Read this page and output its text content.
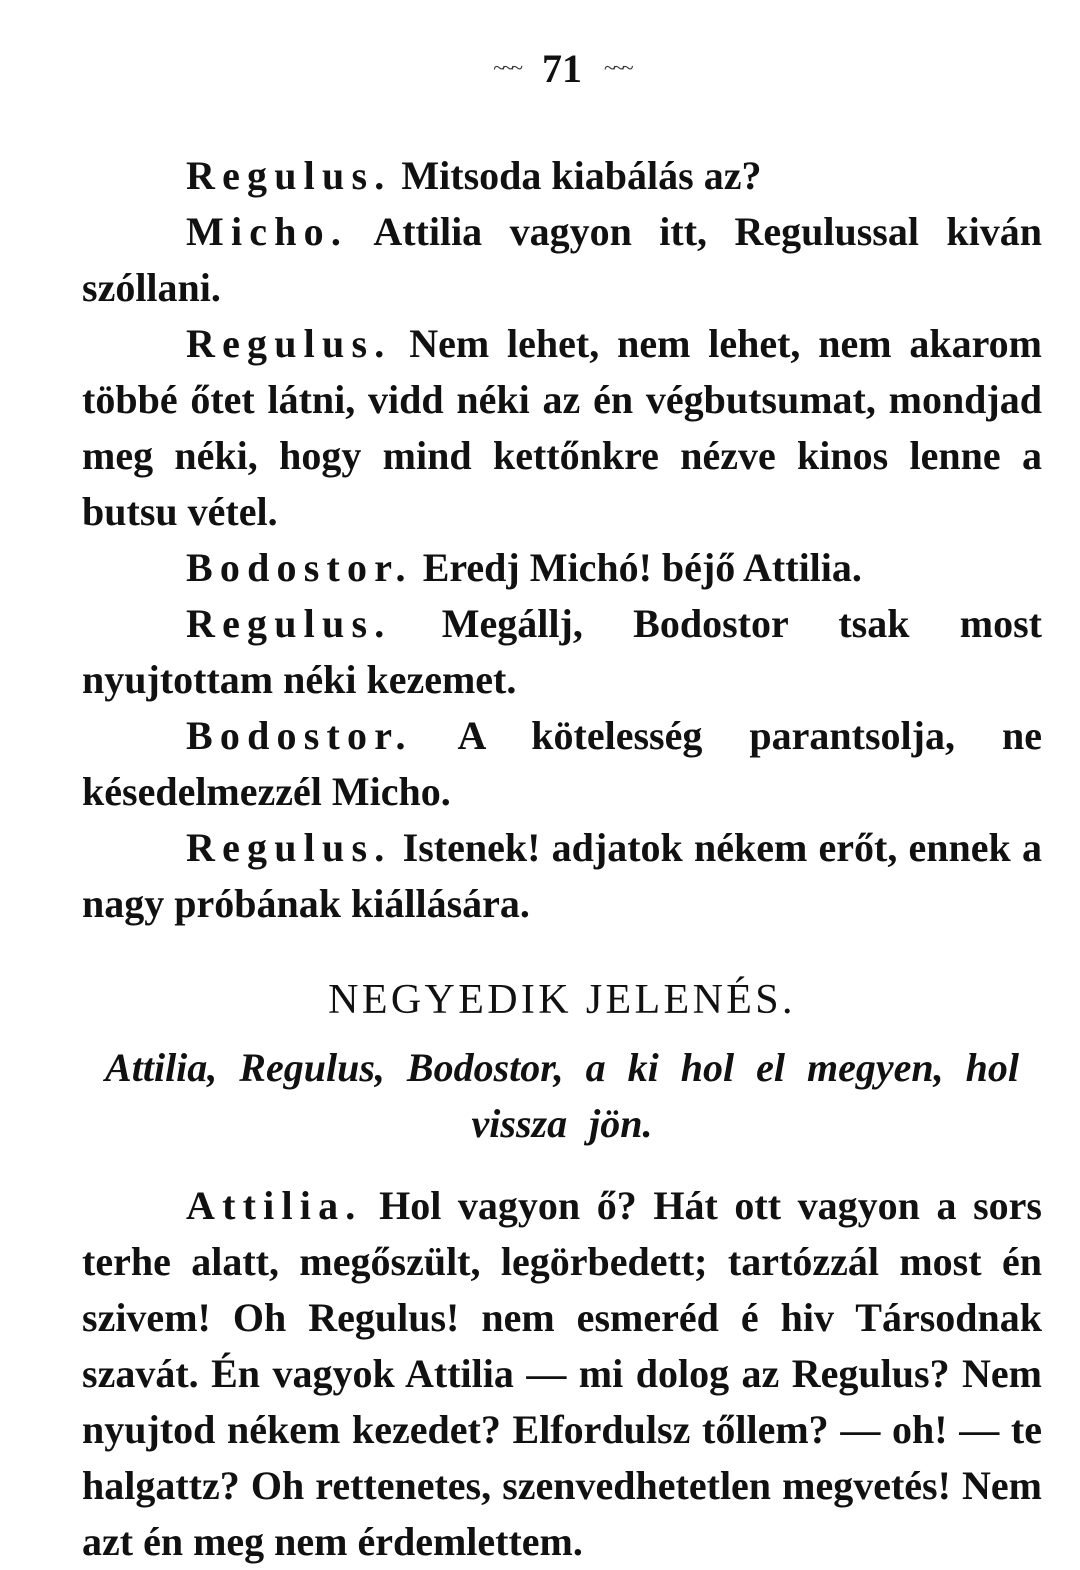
~~~ 71 ~~~

Regulus. Mitsoda kiabálás az?

Micho. Attilia vagyon itt, Regulussal kiván szóllani.

Regulus. Nem lehet, nem lehet, nem akarom többé őtet látni, vidd néki az én végbutsumat, mondjad meg néki, hogy mind kettőnkre nézve kinos lenne a butsu vétel.

Bodostor. Eredj Michó! béjő Attilia.

Regulus. Megállj, Bodostor tsak most nyujtottam néki kezemet.

Bodostor. A kötelesség parantsolja, ne késedelmezzél Micho.

Regulus. Istenek! adjatok nékem erőt, ennek a nagy próbának kiállására.

NEGYEDIK JELENÉS.
Attilia, Regulus, Bodostor, a ki hol el megyen, hol vissza jön.

Attilia. Hol vagyon ő? Hát ott vagyon a sors terhe alatt, megőszült, legörbedett; tartózzál most én szivem! Oh Regulus! nem esmeréd é hiv Társodnak szavát. Én vagyok Attilia — mi dolog az Regulus? Nem nyujtod nékem kezedet? Elfordulsz tőllem? — oh! — te halgattz? Oh rettenetes, szenvedhetetlen megvetés! Nem azt én meg nem érdemlettem.
